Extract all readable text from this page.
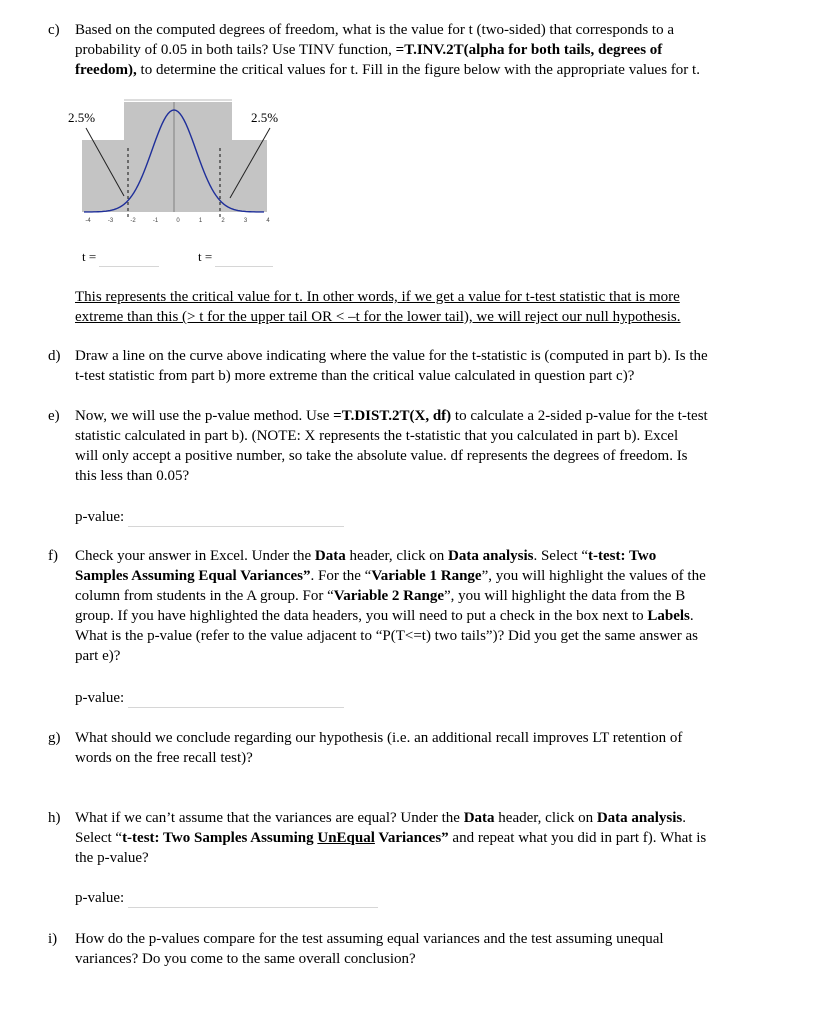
c)	Based on the computed degrees of freedom, what is the value for t (two-sided) that corresponds to a
probability of 0.05 in both tails? Use TINV function, =T.INV.2T(alpha for both tails, degrees of
freedom), to determine the critical values for t. Fill in the figure below with the appropriate values for t.
-4	-3	-2	-1	0	1	2	3	4
2.5%	2.5%
t =	t =
This represents the critical value for t. In other words, if we get a value for t-test statistic that is more
extreme than this (> t for the upper tail OR < –t for the lower tail), we will reject our null hypothesis.
d) Draw a line on the curve above indicating where the value for the t-statistic is (computed in part b). Is the
t-test statistic from part b) more extreme than the critical value calculated in question part c)?
e)	Now, we will use the p-value method. Use =T.DIST.2T(X, df) to calculate a 2-sided p-value for the t-test
statistic calculated in part b). (NOTE: X represents the t-statistic that you calculated in part b). Excel
will only accept a positive number, so take the absolute value. df represents the degrees of freedom. Is
this less than 0.05?
p-value:
f)	Check your answer in Excel. Under the Data header, click on Data analysis. Select “t-test: Two
Samples Assuming Equal Variances”. For the “Variable 1 Range”, you will highlight the values of the
column from students in the A group. For “Variable 2 Range”, you will highlight the data from the B
group. If you have highlighted the data headers, you will need to put a check in the box next to Labels.
What is the p-value (refer to the value adjacent to “P(T<=t) two tails”)? Did you get the same answer as
part e)?
p-value:
g) What should we conclude regarding our hypothesis (i.e. an additional recall improves LT retention of
words on the free recall test)?
h) What if we can’t assume that the variances are equal? Under the Data header, click on Data analysis.
Select “t-test: Two Samples Assuming UnEqual Variances” and repeat what you did in part f). What is
the p-value?
p-value:
i)	How do the p-values compare for the test assuming equal variances and the test assuming unequal
variances? Do you come to the same overall conclusion?
